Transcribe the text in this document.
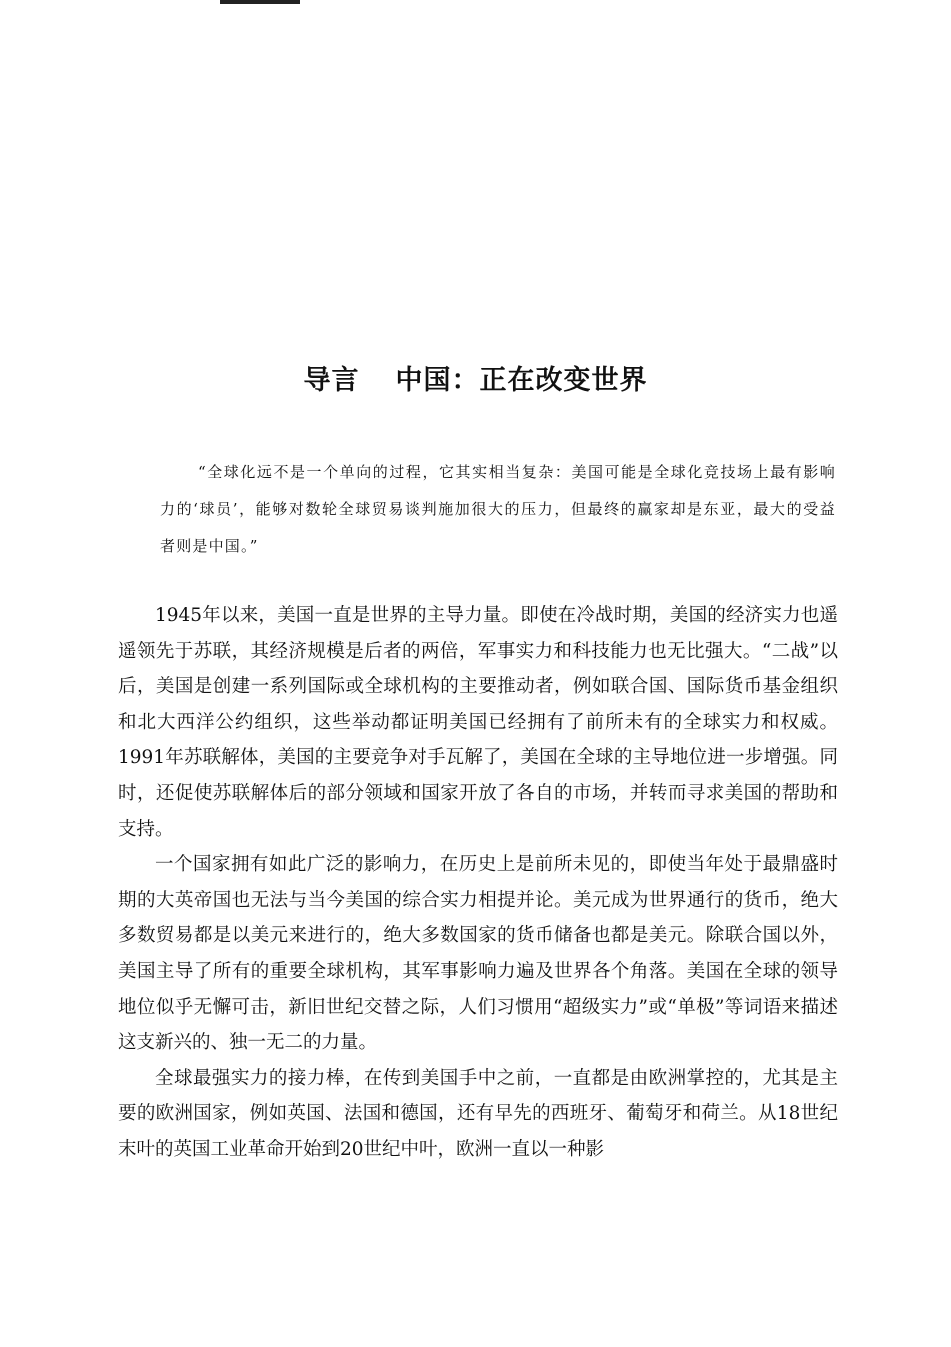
导言 中国：正在改变世界
“全球化远不是一个单向的过程，它其实相当复杂：美国可能是全球化竞技场上最有影响力的‘球员’，能够对数轮全球贸易谈判施加很大的压力，但最终的赢家却是东亚，最大的受益者则是中国。”

1945年以来，美国一直是世界的主导力量。即使在冷战时期，美国的经济实力也遥遥领先于苏联，其经济规模是后者的两倍，军事实力和科技能力也无比强大。“二战”以后，美国是创建一系列国际或全球机构的主要推动者，例如联合国、国际货币基金组织和北大西洋公约组织，这些举动都证明美国已经拥有了前所未有的全球实力和权威。1991年苏联解体，美国的主要竞争对手瓦解了，美国在全球的主导地位进一步增强。同时，还促使苏联解体后的部分领域和国家开放了各自的市场，并转而寻求美国的帮助和支持。

一个国家拥有如此广泛的影响力，在历史上是前所未见的，即使当年处于最鼎盛时期的大英帝国也无法与当今美国的综合实力相提并论。美元成为世界通行的货币，绝大多数贸易都是以美元来进行的，绝大多数国家的货币储备也都是美元。除联合国以外，美国主导了所有的重要全球机构，其军事影响力遍及世界各个角落。美国在全球的领导地位似乎无懈可击，新旧世纪交替之际，人们习惯用“超级实力”或“单极”等词语来描述这支新兴的、独一无二的力量。

全球最强实力的接力棒，在传到美国手中之前，一直都是由欧洲掌控的，尤其是主要的欧洲国家，例如英国、法国和德国，还有早先的西班牙、葡萄牙和荷兰。从18世纪末叶的英国工业革命开始到20世纪中叶，欧洲一直以一种影
